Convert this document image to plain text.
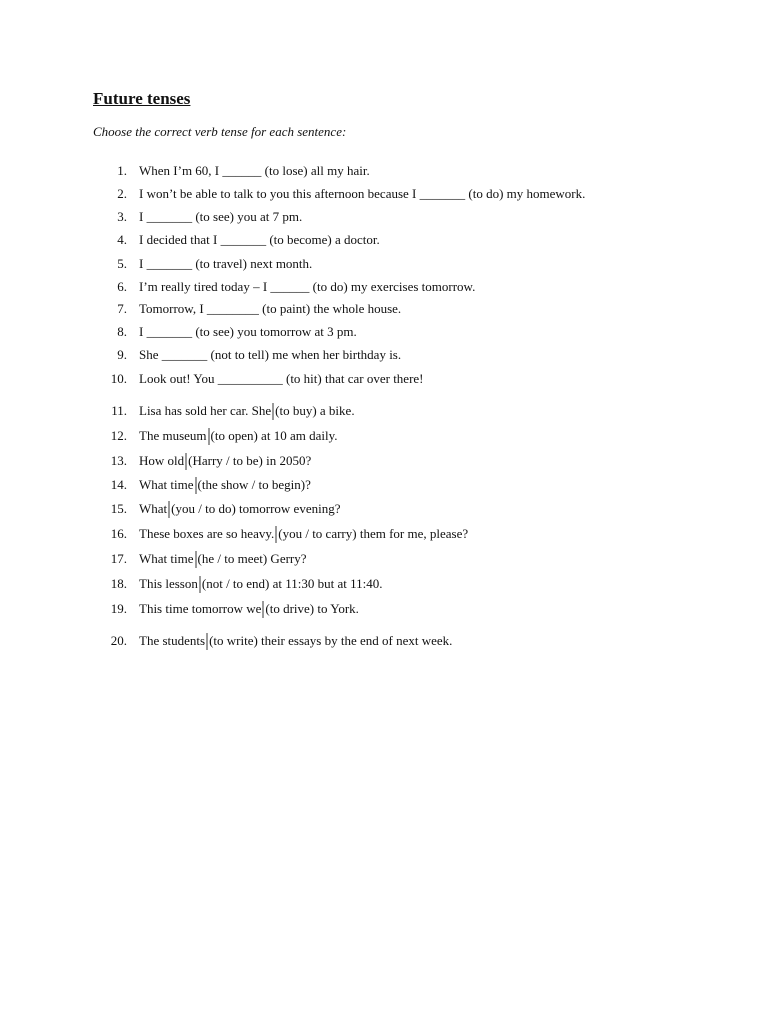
Future tenses

Choose the correct verb tense for each sentence:

1. When I’m 60, I ______ (to lose) all my hair.
2. I won’t be able to talk to you this afternoon because I _______ (to do) my homework.
3. I _______ (to see) you at 7 pm.
4. I decided that I _______ (to become) a doctor.
5. I _______ (to travel) next month.
6. I’m really tired today – I ______ (to do) my exercises tomorrow.
7. Tomorrow, I ________ (to paint) the whole house.
8. I _______ (to see) you tomorrow at 3 pm.
9. She _______ (not to tell) me when her birthday is.
10. Look out! You __________ (to hit) that car over there!
11. Lisa has sold her car. She (to buy) a bike.
12. The museum (to open) at 10 am daily.
13. How old (Harry / to be) in 2050?
14. What time (the show / to begin)?
15. What (you / to do) tomorrow evening?
16. These boxes are so heavy. (you / to carry) them for me, please?
17. What time (he / to meet) Gerry?
18. This lesson (not / to end) at 11:30 but at 11:40.
19. This time tomorrow we (to drive) to York.
20. The students (to write) their essays by the end of next week.
